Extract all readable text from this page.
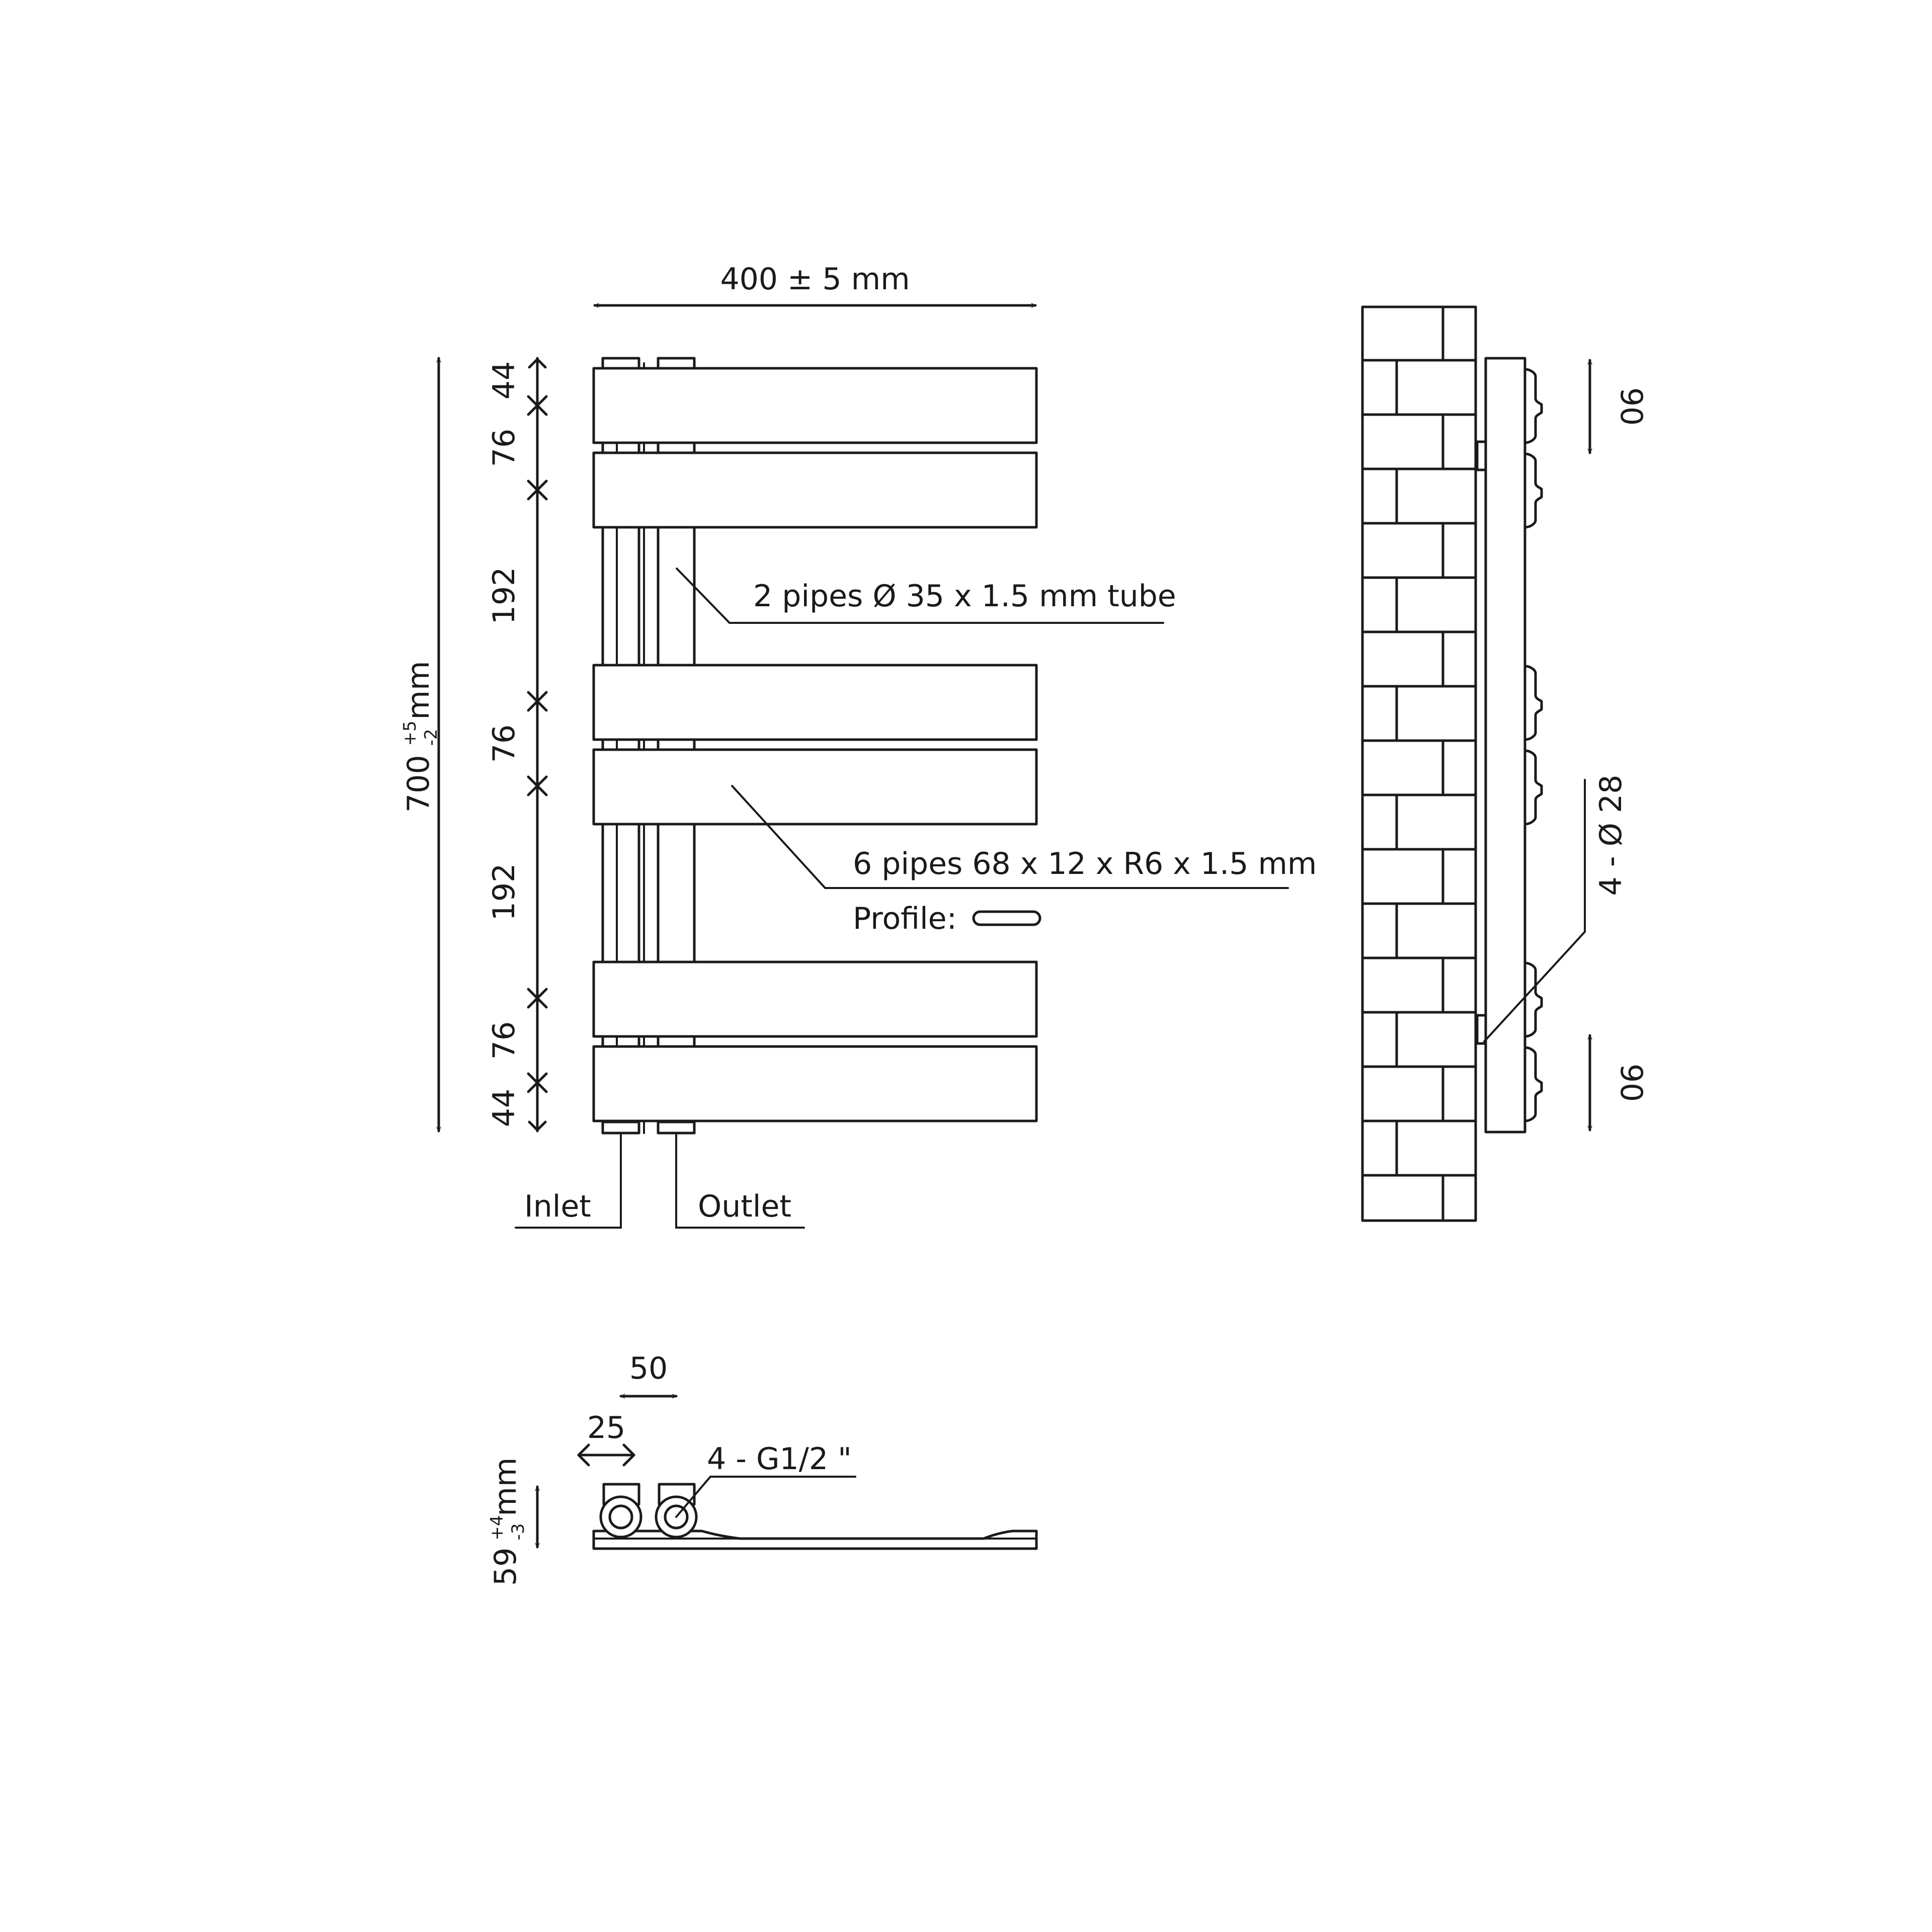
400 ± 5 mm
700+5-2mm
44
76
192
76
192
76
44
2 pipes Ø 35 x 1.5 mm tube
6 pipes 68 x 12 x R6 x 1.5 mm
Profile:
Inlet	Outlet
90
90
4 - Ø 28
50
25
4 - G1/2 "
59+4-3mm
